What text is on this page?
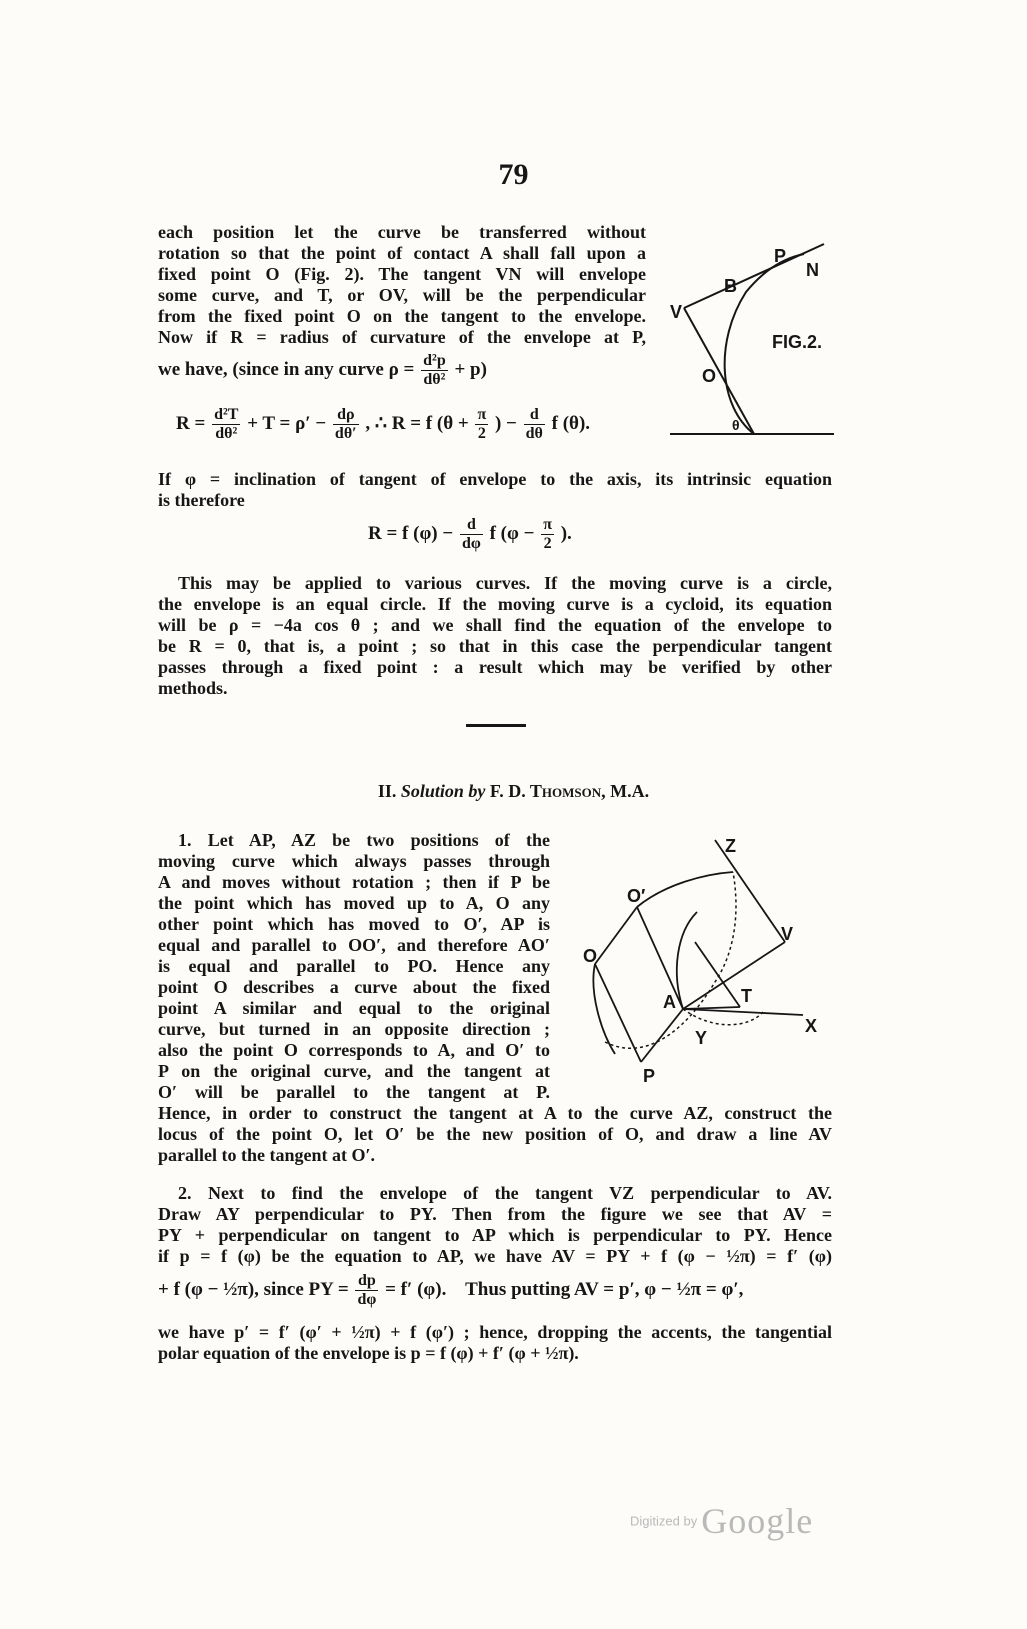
79
each position let the curve be transferred without
rotation so that the point of contact A shall fall upon a
fixed point O (Fig. 2). The tangent VN will envelope
some curve, and T, or OV, will be the perpendicular
from the fixed point O on the tangent to the envelope.
Now if R = radius of curvature of the envelope at P,
we have, (since in any curve $\rho = \frac{\text{d²p}}{\text{dθ²}} + p$)
$R = \frac{\text{d²T}}{\text{dθ²}} + T = \rho' - \frac{d\rho}{d\theta'}$ , ∴ R = f ($\theta + \frac{\pi}{2}$ ) − $\frac{d}{d\theta}$ f (θ).
P
N
B
V
O
θ
FIG.2.
If φ = inclination of tangent of envelope to the axis, its intrinsic equation
is therefore
R = f $(\varphi) - \frac{d}{d\varphi}$ f ($\varphi - \frac{\pi}{2}$ ).
This may be applied to various curves. If the moving curve is a circle,
the envelope is an equal circle. If the moving curve is a cycloid, its equation
will be ρ = −4a cos θ ; and we shall find the equation of the envelope to
be R = 0, that is, a point ; so that in this case the perpendicular tangent
passes through a fixed point : a result which may be verified by other
methods.
II. Solution by F. D. Thomson, M.A.
1. Let AP, AZ be two positions of the
moving curve which always passes through
A and moves without rotation ; then if P be
the point which has moved up to A, O any
other point which has moved to O′, AP is
equal and parallel to OO′, and therefore AO′
is equal and parallel to PO. Hence any
point O describes a curve about the fixed
point A similar and equal to the original
curve, but turned in an opposite direction ;
also the point O corresponds to A, and O′ to
P on the original curve, and the tangent at
O′ will be parallel to the tangent at P.
Z
O′
O
V
A	T
X
Y
P
Hence, in order to construct the tangent at A to the curve AZ, construct the
locus of the point O, let O′ be the new position of O, and draw a line AV
parallel to the tangent at O′.
2. Next to find the envelope of the tangent VZ perpendicular to AV.
Draw AY perpendicular to PY. Then from the figure we see that AV =
PY + perpendicular on tangent to AP which is perpendicular to PY. Hence
if p = f (φ) be the equation to AP, we have AV = PY + f (φ − ½π) = f′ (φ)
+ f (φ − ½π), since PY = $\frac{dp}{d\varphi} = f'$ (φ). Thus putting AV = p′, φ − ½π = φ′,
we have p′ = f′ (φ′ + ½π) + f (φ′) ; hence, dropping the accents, the tangential
polar equation of the envelope is p = f (φ) + f′ (φ + ½π).
Digitized by Google
